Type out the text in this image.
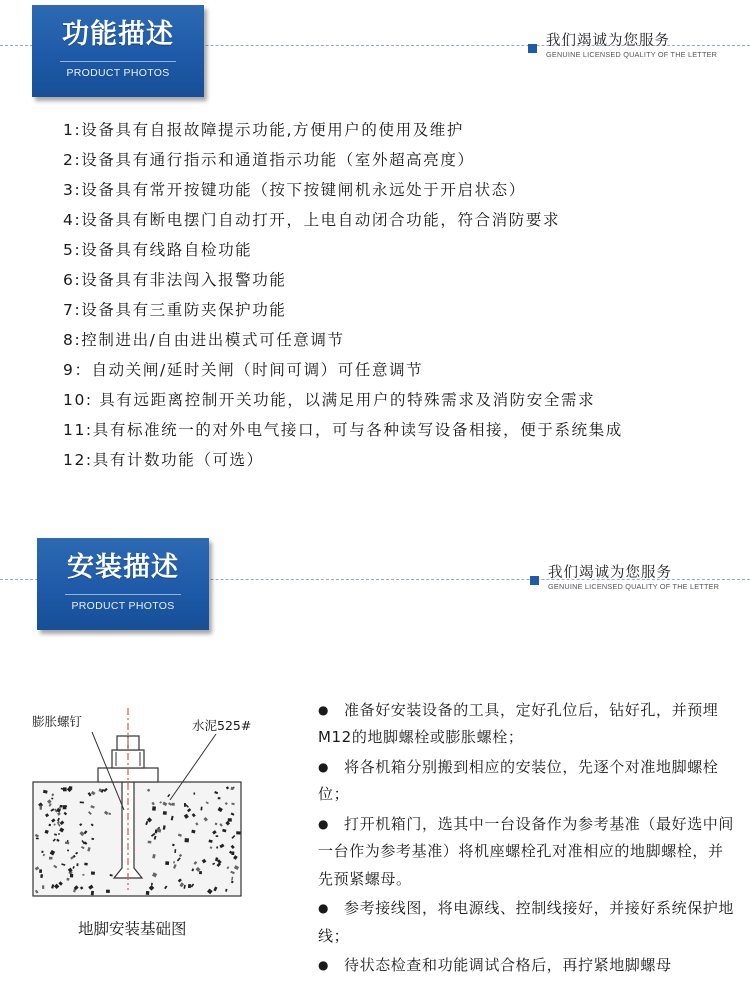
功能描述
PRODUCT PHOTOS
我们竭诚为您服务
GENUINE LICENSED QUALITY OF THE LETTER
1:设备具有自报故障提示功能,方便用户的使用及维护
2:设备具有通行指示和通道指示功能（室外超高亮度）
3:设备具有常开按键功能（按下按键闸机永远处于开启状态）
4:设备具有断电摆门自动打开，上电自动闭合功能，符合消防要求
5:设备具有线路自检功能
6:设备具有非法闯入报警功能
7:设备具有三重防夹保护功能
8:控制进出/自由进出模式可任意调节
9：自动关闸/延时关闸（时间可调）可任意调节
10: 具有远距离控制开关功能，以满足用户的特殊需求及消防安全需求
11:具有标准统一的对外电气接口，可与各种读写设备相接，便于系统集成
12:具有计数功能（可选）
安装描述
PRODUCT PHOTOS
我们竭诚为您服务
GENUINE LICENSED QUALITY OF THE LETTER
膨胀螺钉	水泥525#
地脚安装基础图
● 准备好安装设备的工具，定好孔位后，钻好孔，并预埋M12的地脚螺栓或膨胀螺栓；
● 将各机箱分别搬到相应的安装位，先逐个对准地脚螺栓位；
● 打开机箱门，选其中一台设备作为参考基准（最好选中间一台作为参考基准）将机座螺栓孔对准相应的地脚螺栓，并先预紧螺母。
● 参考接线图，将电源线、控制线接好，并接好系统保护地线；
● 待状态检查和功能调试合格后，再拧紧地脚螺母
